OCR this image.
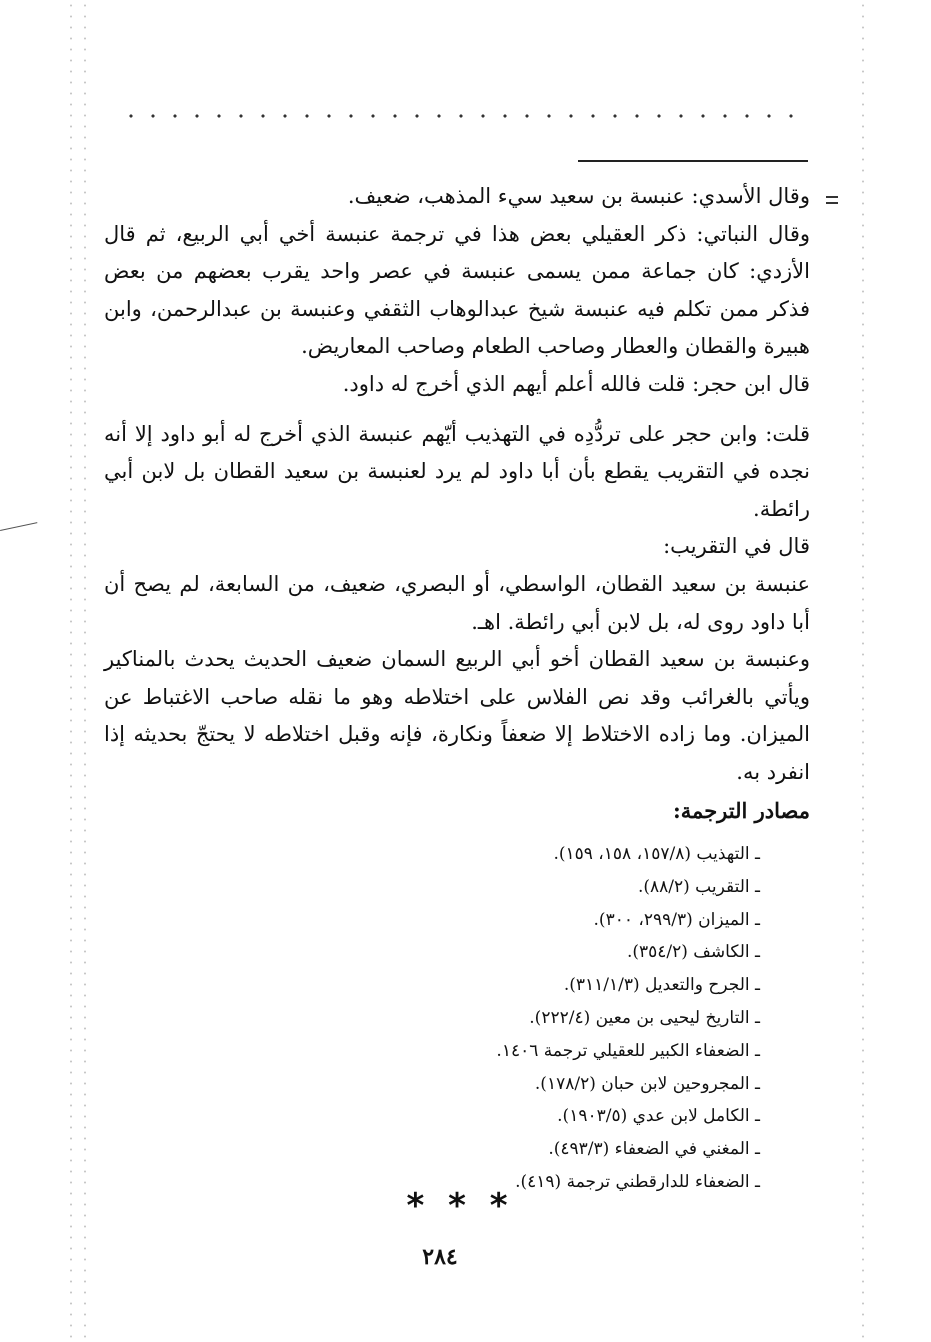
وقال الأسدي: عنبسة بن سعيد سيء المذهب، ضعيف.

وقال النباتي: ذكر العقيلي بعض هذا في ترجمة عنبسة أخي أبي الربيع، ثم قال الأزدي: كان جماعة ممن يسمى عنبسة في عصر واحد يقرب بعضهم من بعض فذكر ممن تكلم فيه عنبسة شيخ عبدالوهاب الثقفي وعنبسة بن عبدالرحمن، وابن هبيرة والقطان والعطار وصاحب الطعام وصاحب المعاريض.

قال ابن حجر: قلت فالله أعلم أيهم الذي أخرج له داود.

قلت: وابن حجر على تردُّدِه في التهذيب أيّهم عنبسة الذي أخرج له أبو داود إلا أنه نجده في التقريب يقطع بأن أبا داود لم يرد لعنبسة بن سعيد القطان بل لابن أبي رائطة.

قال في التقريب:

عنبسة بن سعيد القطان، الواسطي، أو البصري، ضعيف، من السابعة، لم يصح أن أبا داود روى له، بل لابن أبي رائطة. اهـ.

وعنبسة بن سعيد القطان أخو أبي الربيع السمان ضعيف الحديث يحدث بالمناكير ويأتي بالغرائب وقد نص الفلاس على اختلاطه وهو ما نقله صاحب الاغتباط عن الميزان. وما زاده الاختلاط إلا ضعفاً ونكارة، فإنه وقبل اختلاطه لا يحتجّ بحديثه إذا انفرد به.

مصادر الترجمة:

ـ التهذيب (١٥٧/٨، ١٥٨، ١٥٩).
ـ التقريب (٨٨/٢).
ـ الميزان (٢٩٩/٣، ٣٠٠).
ـ الكاشف (٣٥٤/٢).
ـ الجرح والتعديل (٣١١/١/٣).
ـ التاريخ ليحيى بن معين (٢٢٢/٤).
ـ الضعفاء الكبير للعقيلي ترجمة ١٤٠٦.
ـ المجروحين لابن حبان (١٧٨/٢).
ـ الكامل لابن عدي (١٩٠٣/٥).
ـ المغني في الضعفاء (٤٩٣/٣).
ـ الضعفاء للدارقطني ترجمة (٤١٩).
* * *
٢٨٤
